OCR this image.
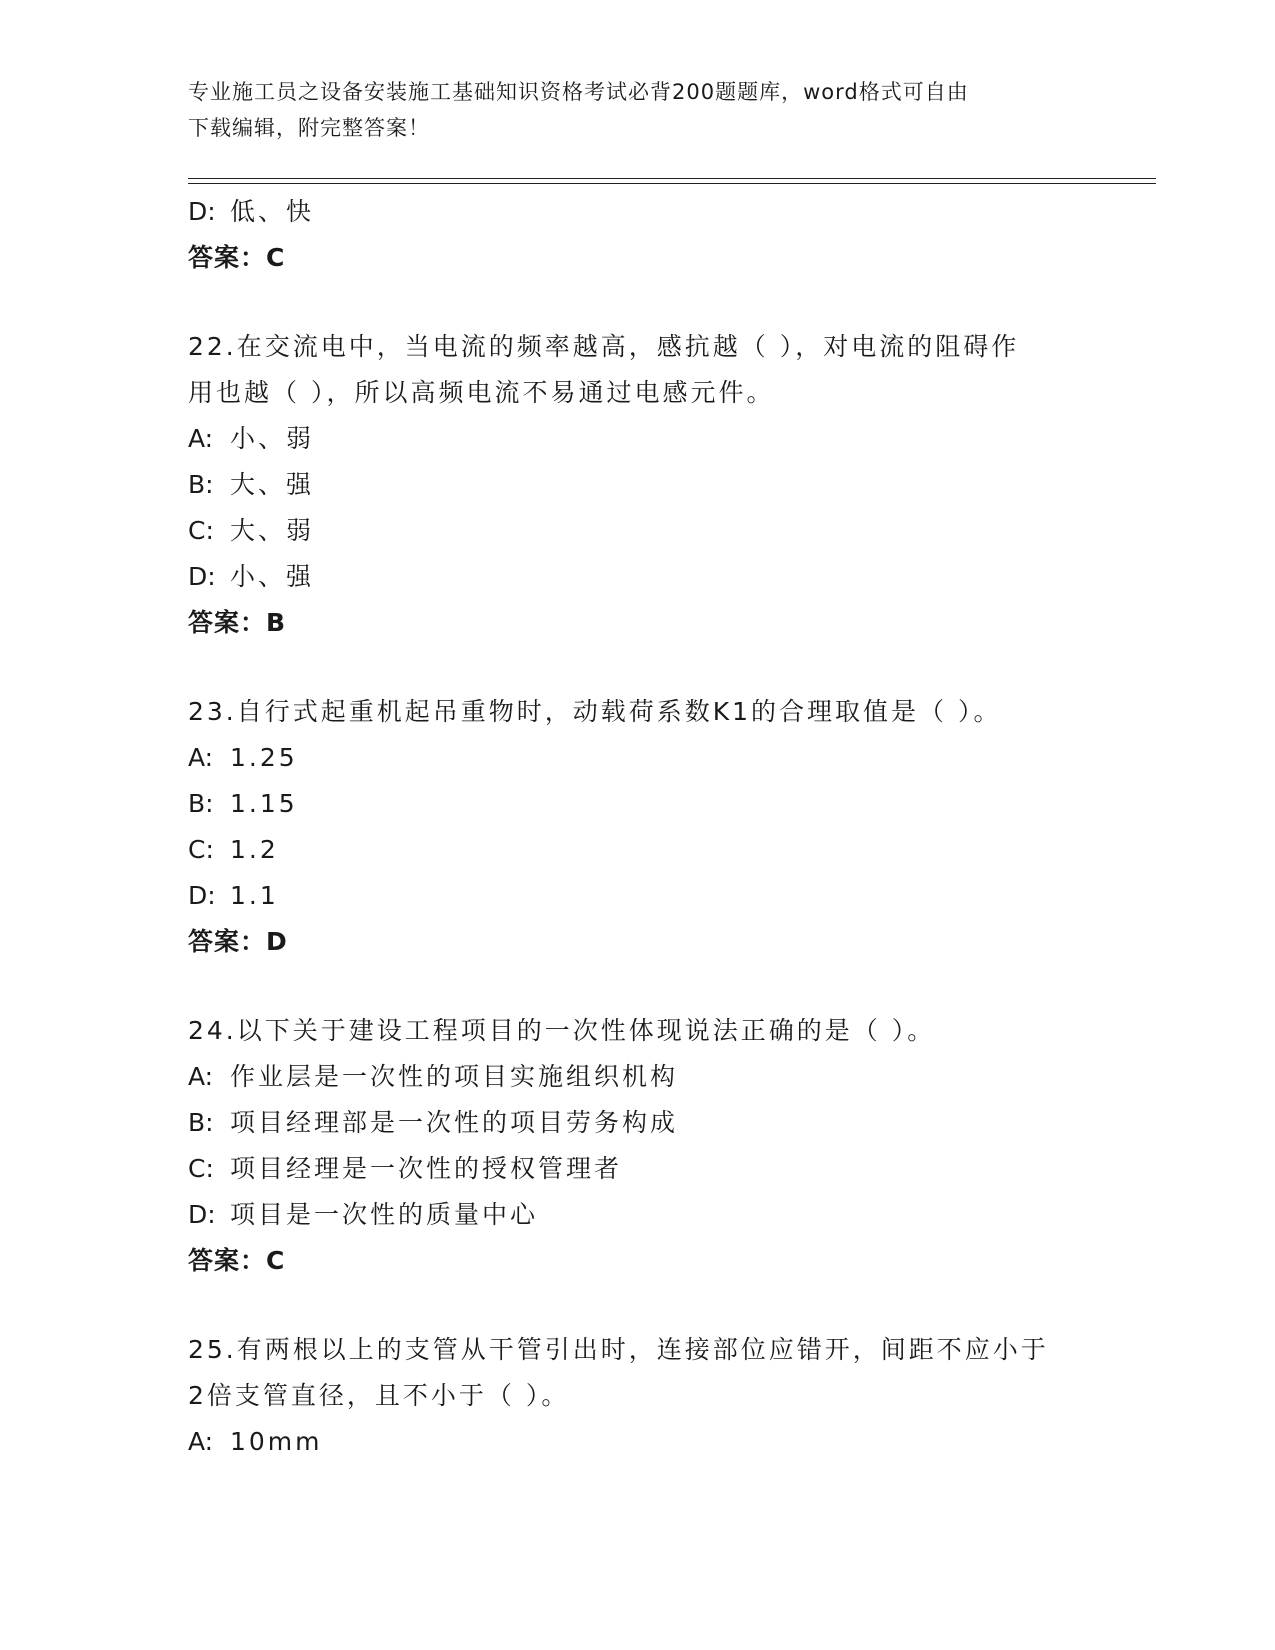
专业施工员之设备安装施工基础知识资格考试必背200题题库，word格式可自由
下载编辑，附完整答案！
D: 低、快
答案：C
22.在交流电中，当电流的频率越高，感抗越（ ），对电流的阻碍作
用也越（ ），所以高频电流不易通过电感元件。
A: 小、弱
B: 大、强
C: 大、弱
D: 小、强
答案：B
23.自行式起重机起吊重物时，动载荷系数K1的合理取值是（ ）。
A: 1.25
B: 1.15
C: 1.2
D: 1.1
答案：D
24.以下关于建设工程项目的一次性体现说法正确的是（ ）。
A: 作业层是一次性的项目实施组织机构
B: 项目经理部是一次性的项目劳务构成
C: 项目经理是一次性的授权管理者
D: 项目是一次性的质量中心
答案：C
25.有两根以上的支管从干管引出时，连接部位应错开，间距不应小于
2倍支管直径，且不小于（ ）。
A: 10mm
